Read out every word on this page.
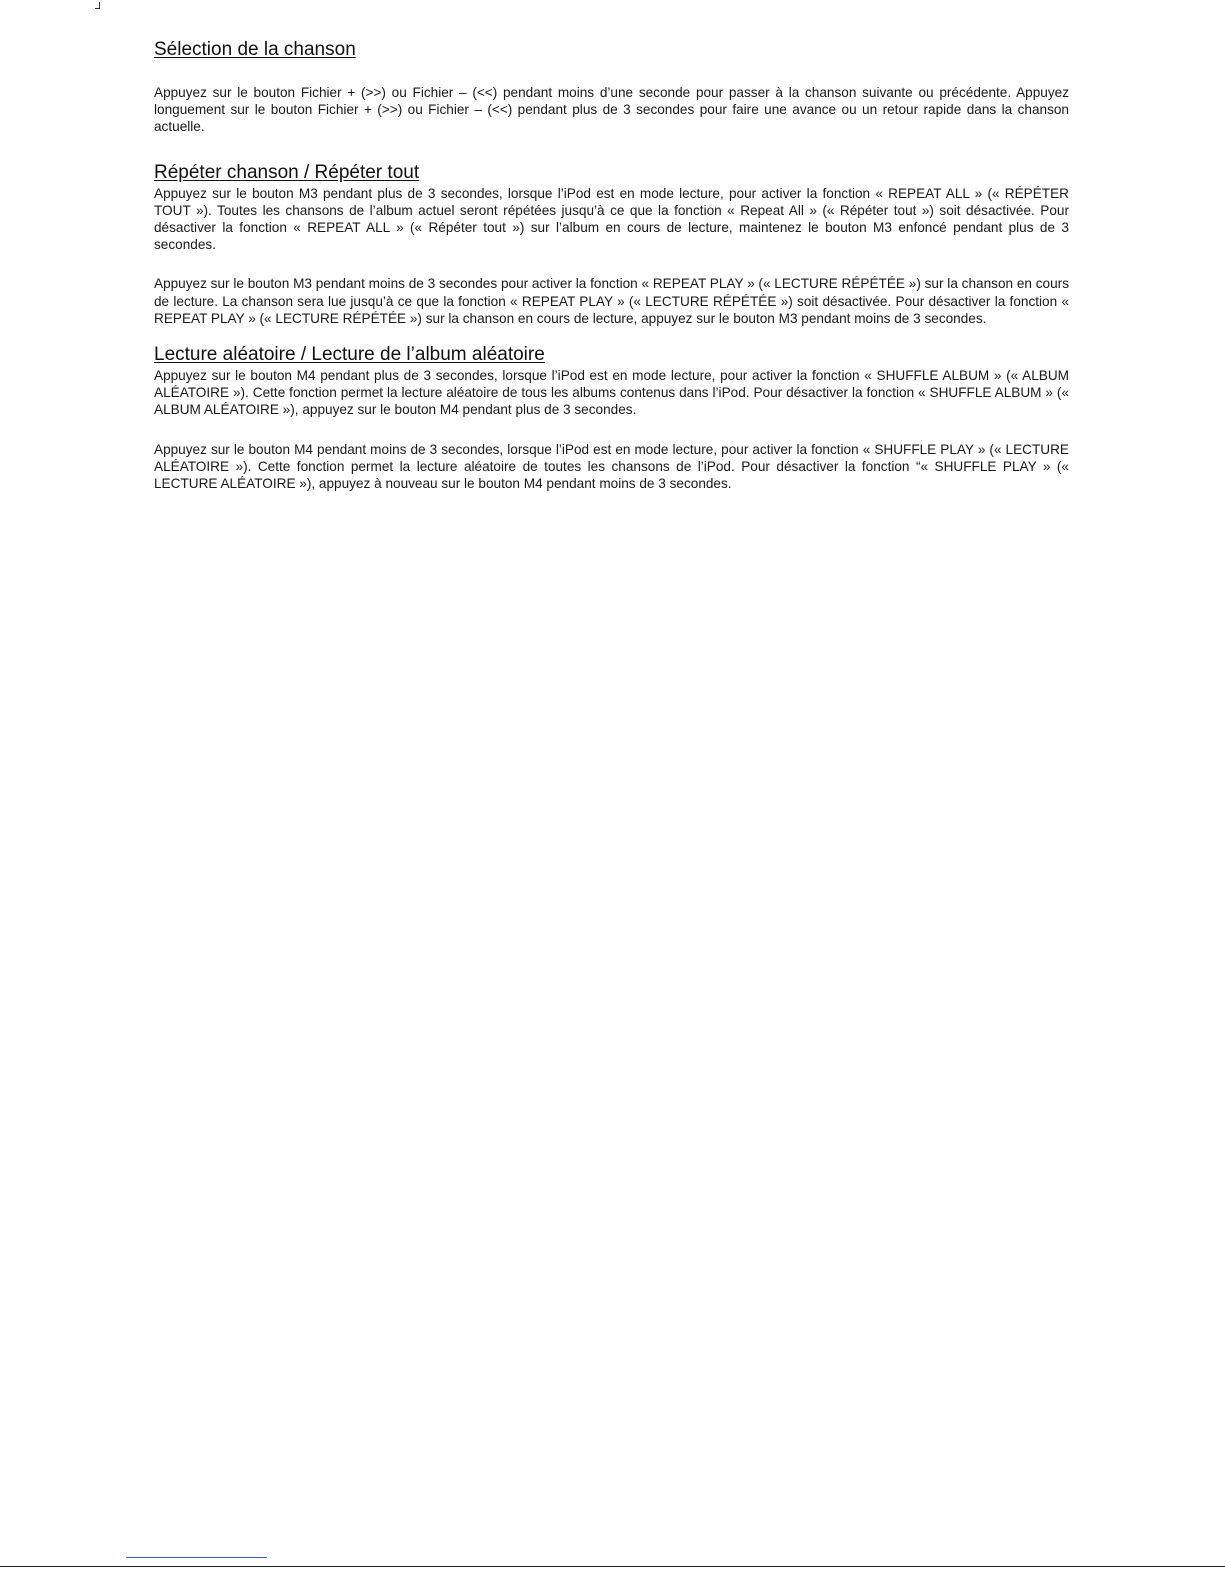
Sélection de la chanson

Appuyez sur le bouton Fichier + (>>) ou Fichier – (<<) pendant moins d’une seconde pour passer à la chanson suivante ou précédente. Appuyez longuement sur le bouton Fichier + (>>) ou Fichier – (<<) pendant plus de 3 secondes pour faire une avance ou un retour rapide dans la chanson actuelle.

Répéter chanson / Répéter tout

Appuyez sur le bouton M3 pendant plus de 3 secondes, lorsque l’iPod est en mode lecture, pour activer la fonction « REPEAT ALL » (« RÉPÉTER TOUT »). Toutes les chansons de l’album actuel seront répétées jusqu’à ce que la fonction « Repeat All » (« Répéter tout ») soit désactivée. Pour désactiver la fonction « REPEAT ALL » (« Répéter tout ») sur l’album en cours de lecture, maintenez le bouton M3 enfoncé pendant plus de 3 secondes.

Appuyez sur le bouton M3 pendant moins de 3 secondes pour activer la fonction « REPEAT PLAY » (« LECTURE RÉPÉTÉE ») sur la chanson en cours de lecture. La chanson sera lue jusqu’à ce que la fonction « REPEAT PLAY » (« LECTURE RÉPÉTÉE ») soit désactivée. Pour désactiver la fonction « REPEAT PLAY » (« LECTURE RÉPÉTÉE ») sur la chanson en cours de lecture, appuyez sur le bouton M3 pendant moins de 3 secondes.

Lecture aléatoire / Lecture de l’album aléatoire

Appuyez sur le bouton M4 pendant plus de 3 secondes, lorsque l’iPod est en mode lecture, pour activer la fonction « SHUFFLE ALBUM » (« ALBUM ALÉATOIRE »). Cette fonction permet la lecture aléatoire de tous les albums contenus dans l’iPod. Pour désactiver la fonction « SHUFFLE ALBUM » (« ALBUM ALÉATOIRE »), appuyez sur le bouton M4 pendant plus de 3 secondes.

Appuyez sur le bouton M4 pendant moins de 3 secondes, lorsque l’iPod est en mode lecture, pour activer la fonction « SHUFFLE PLAY » (« LECTURE ALÉATOIRE »). Cette fonction permet la lecture aléatoire de toutes les chansons de l’iPod. Pour désactiver la fonction “« SHUFFLE PLAY » (« LECTURE ALÉATOIRE »), appuyez à nouveau sur le bouton M4 pendant moins de 3 secondes.
